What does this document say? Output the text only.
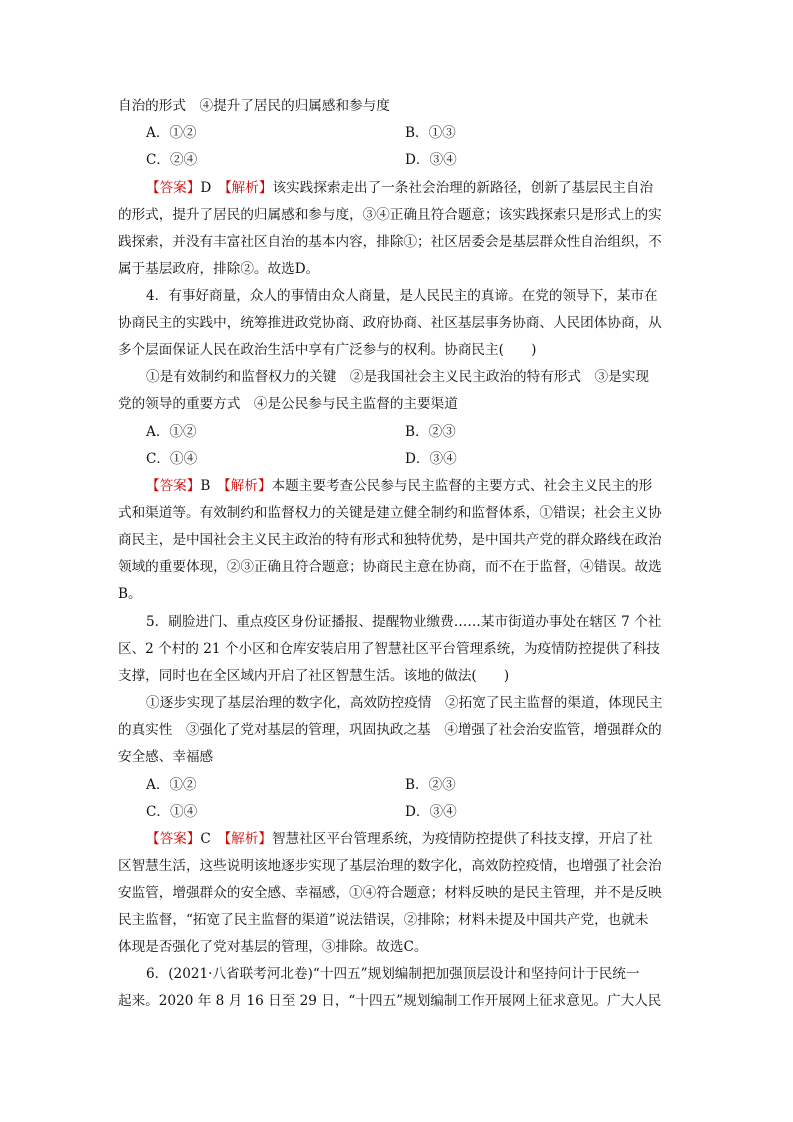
自治的形式　④提升了居民的归属感和参与度
A．①②	B．①③
C．②④	D．③④
【答案】D　 【解析】该实践探索走出了一条社会治理的新路径，创新了基层民主自治
的形式，提升了居民的归属感和参与度，③④正确且符合题意；该实践探索只是形式上的实
践探索，并没有丰富社区自治的基本内容，排除①；社区居委会是基层群众性自治组织，不
属于基层政府，排除②。故选D。
4．有事好商量，众人的事情由众人商量，是人民民主的真谛。在党的领导下，某市在
协商民主的实践中，统筹推进政党协商、政府协商、社区基层事务协商、人民团体协商，从
多个层面保证人民在政治生活中享有广泛参与的权利。协商民主(　　)
①是有效制约和监督权力的关键　②是我国社会主义民主政治的特有形式　③是实现
党的领导的重要方式　④是公民参与民主监督的主要渠道
A．①②	B．②③
C．①④	D．③④
【答案】B　 【解析】本题主要考查公民参与民主监督的主要方式、社会主义民主的形
式和渠道等。有效制约和监督权力的关键是建立健全制约和监督体系，①错误；社会主义协
商民主，是中国社会主义民主政治的特有形式和独特优势，是中国共产党的群众路线在政治
领域的重要体现，②③正确且符合题意；协商民主意在协商，而不在于监督，④错误。故选
B。
5．刷脸进门、重点疫区身份证播报、提醒物业缴费……某市街道办事处在辖区 7 个社
区、2 个村的 21 个小区和仓库安装启用了智慧社区平台管理系统，为疫情防控提供了科技
支撑，同时也在全区域内开启了社区智慧生活。该地的做法(　　)
①逐步实现了基层治理的数字化，高效防控疫情　②拓宽了民主监督的渠道，体现民主
的真实性　③强化了党对基层的管理，巩固执政之基　④增强了社会治安监管，增强群众的
安全感、幸福感
A．①②	B．②③
C．①④	D．③④
【答案】C　 【解析】智慧社区平台管理系统，为疫情防控提供了科技支撑，开启了社
区智慧生活，这些说明该地逐步实现了基层治理的数字化，高效防控疫情，也增强了社会治
安监管，增强群众的安全感、幸福感，①④符合题意；材料反映的是民主管理，并不是反映
民主监督，“拓宽了民主监督的渠道”说法错误，②排除；材料未提及中国共产党，也就未
体现是否强化了党对基层的管理，③排除。故选C。
6．(2021·八省联考河北卷)“十四五”规划编制把加强顶层设计和坚持问计于民统一
起来。2020 年 8 月 16 日至 29 日，“十四五”规划编制工作开展网上征求意见。广大人民
